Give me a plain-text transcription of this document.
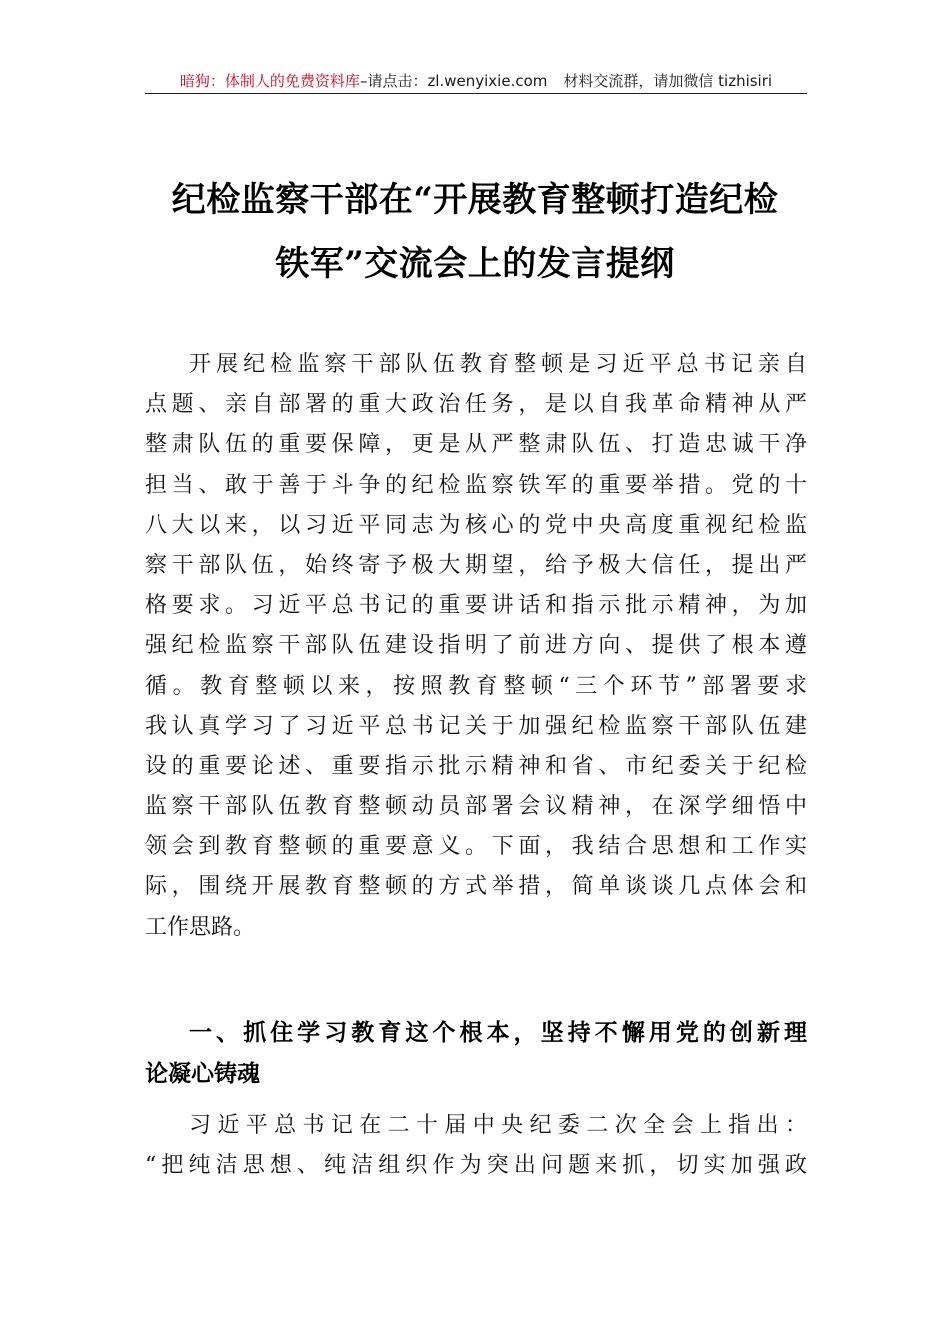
暗狗：体制人的免费资料库–请点击：zl.wenyixie.com 材料交流群，请加微信 tizhisiri
纪检监察干部在“开展教育整顿打造纪检
铁军”交流会上的发言提纲
开展纪检监察干部队伍教育整顿是习近平总书记亲自
点题、亲自部署的重大政治任务，是以自我革命精神从严
整肃队伍的重要保障，更是从严整肃队伍、打造忠诚干净
担当、敢于善于斗争的纪检监察铁军的重要举措。党的十
八大以来，以习近平同志为核心的党中央高度重视纪检监
察干部队伍，始终寄予极大期望，给予极大信任，提出严
格要求。习近平总书记的重要讲话和指示批示精神，为加
强纪检监察干部队伍建设指明了前进方向、提供了根本遵
循。教育整顿以来，按照教育整顿“三个环节”部署要求
我认真学习了习近平总书记关于加强纪检监察干部队伍建
设的重要论述、重要指示批示精神和省、市纪委关于纪检
监察干部队伍教育整顿动员部署会议精神，在深学细悟中
领会到教育整顿的重要意义。下面，我结合思想和工作实
际，围绕开展教育整顿的方式举措，简单谈谈几点体会和
工作思路。
一、抓住学习教育这个根本，坚持不懈用党的创新理
论凝心铸魂
习近平总书记在二十届中央纪委二次全会上指出：
“把纯洁思想、纯洁组织作为突出问题来抓，切实加强政
